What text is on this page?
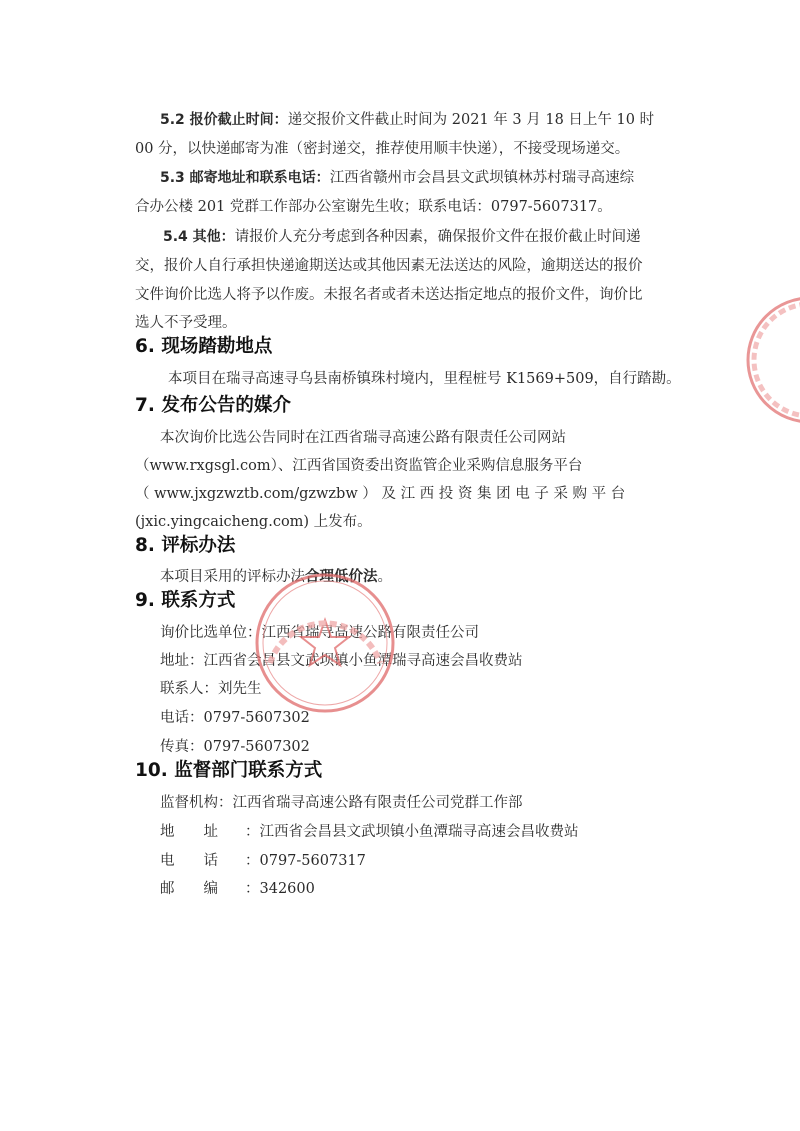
5.2 报价截止时间：递交报价文件截止时间为 2021 年 3 月 18 日上午 10 时
00 分，以快递邮寄为准（密封递交，推荐使用顺丰快递），不接受现场递交。
5.3 邮寄地址和联系电话：江西省赣州市会昌县文武坝镇林苏村瑞寻高速综
合办公楼 201 党群工作部办公室谢先生收；联系电话：0797-5607317。
5.4 其他：请报价人充分考虑到各种因素，确保报价文件在报价截止时间递
交，报价人自行承担快递逾期送达或其他因素无法送达的风险，逾期送达的报价
文件询价比选人将予以作废。未报名者或者未送达指定地点的报价文件，询价比
选人不予受理。
6. 现场踏勘地点
本项目在瑞寻高速寻乌县南桥镇珠村境内，里程桩号 K1569+509，自行踏勘。
7. 发布公告的媒介
本次询价比选公告同时在江西省瑞寻高速公路有限责任公司网站
（www.rxgsgl.com）、江西省国资委出资监管企业采购信息服务平台
（ www.jxgzwztb.com/gzwzbw ） 及 江 西 投 资 集 团 电 子 采 购 平 台
(jxic.yingcaicheng.com) 上发布。
8. 评标办法
本项目采用的评标办法合理低价法。
9. 联系方式
询价比选单位：江西省瑞寻高速公路有限责任公司
地址：江西省会昌县文武坝镇小鱼潭瑞寻高速会昌收费站
联系人：刘先生
电话：0797-5607302
传真：0797-5607302
10. 监督部门联系方式
监督机构：江西省瑞寻高速公路有限责任公司党群工作部
地　　址 ：江西省会昌县文武坝镇小鱼潭瑞寻高速会昌收费站
电　　话 ：0797-5607317
邮　　编 ：342600
